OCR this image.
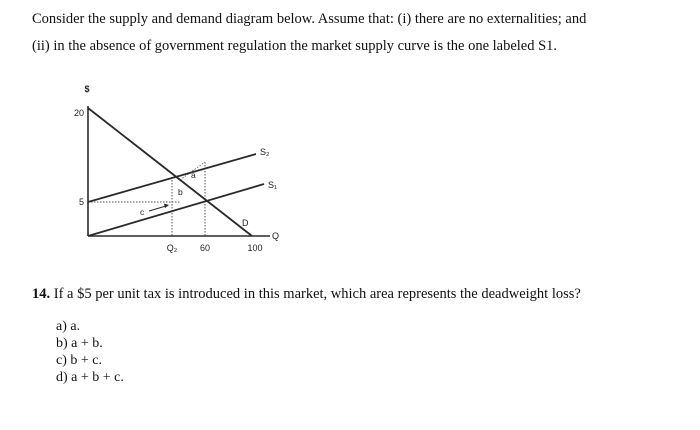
Consider the supply and demand diagram below. Assume that: (i) there are no externalities; and
(ii) in the absence of government regulation the market supply curve is the one labeled S1.
$
20
5
S₂
S₁
D
a
b
c
Q₂	60	100
Q

14. If a $5 per unit tax is introduced in this market, which area represents the deadweight loss?

a) a.
b) a + b.
c) b + c.
d) a + b + c.
